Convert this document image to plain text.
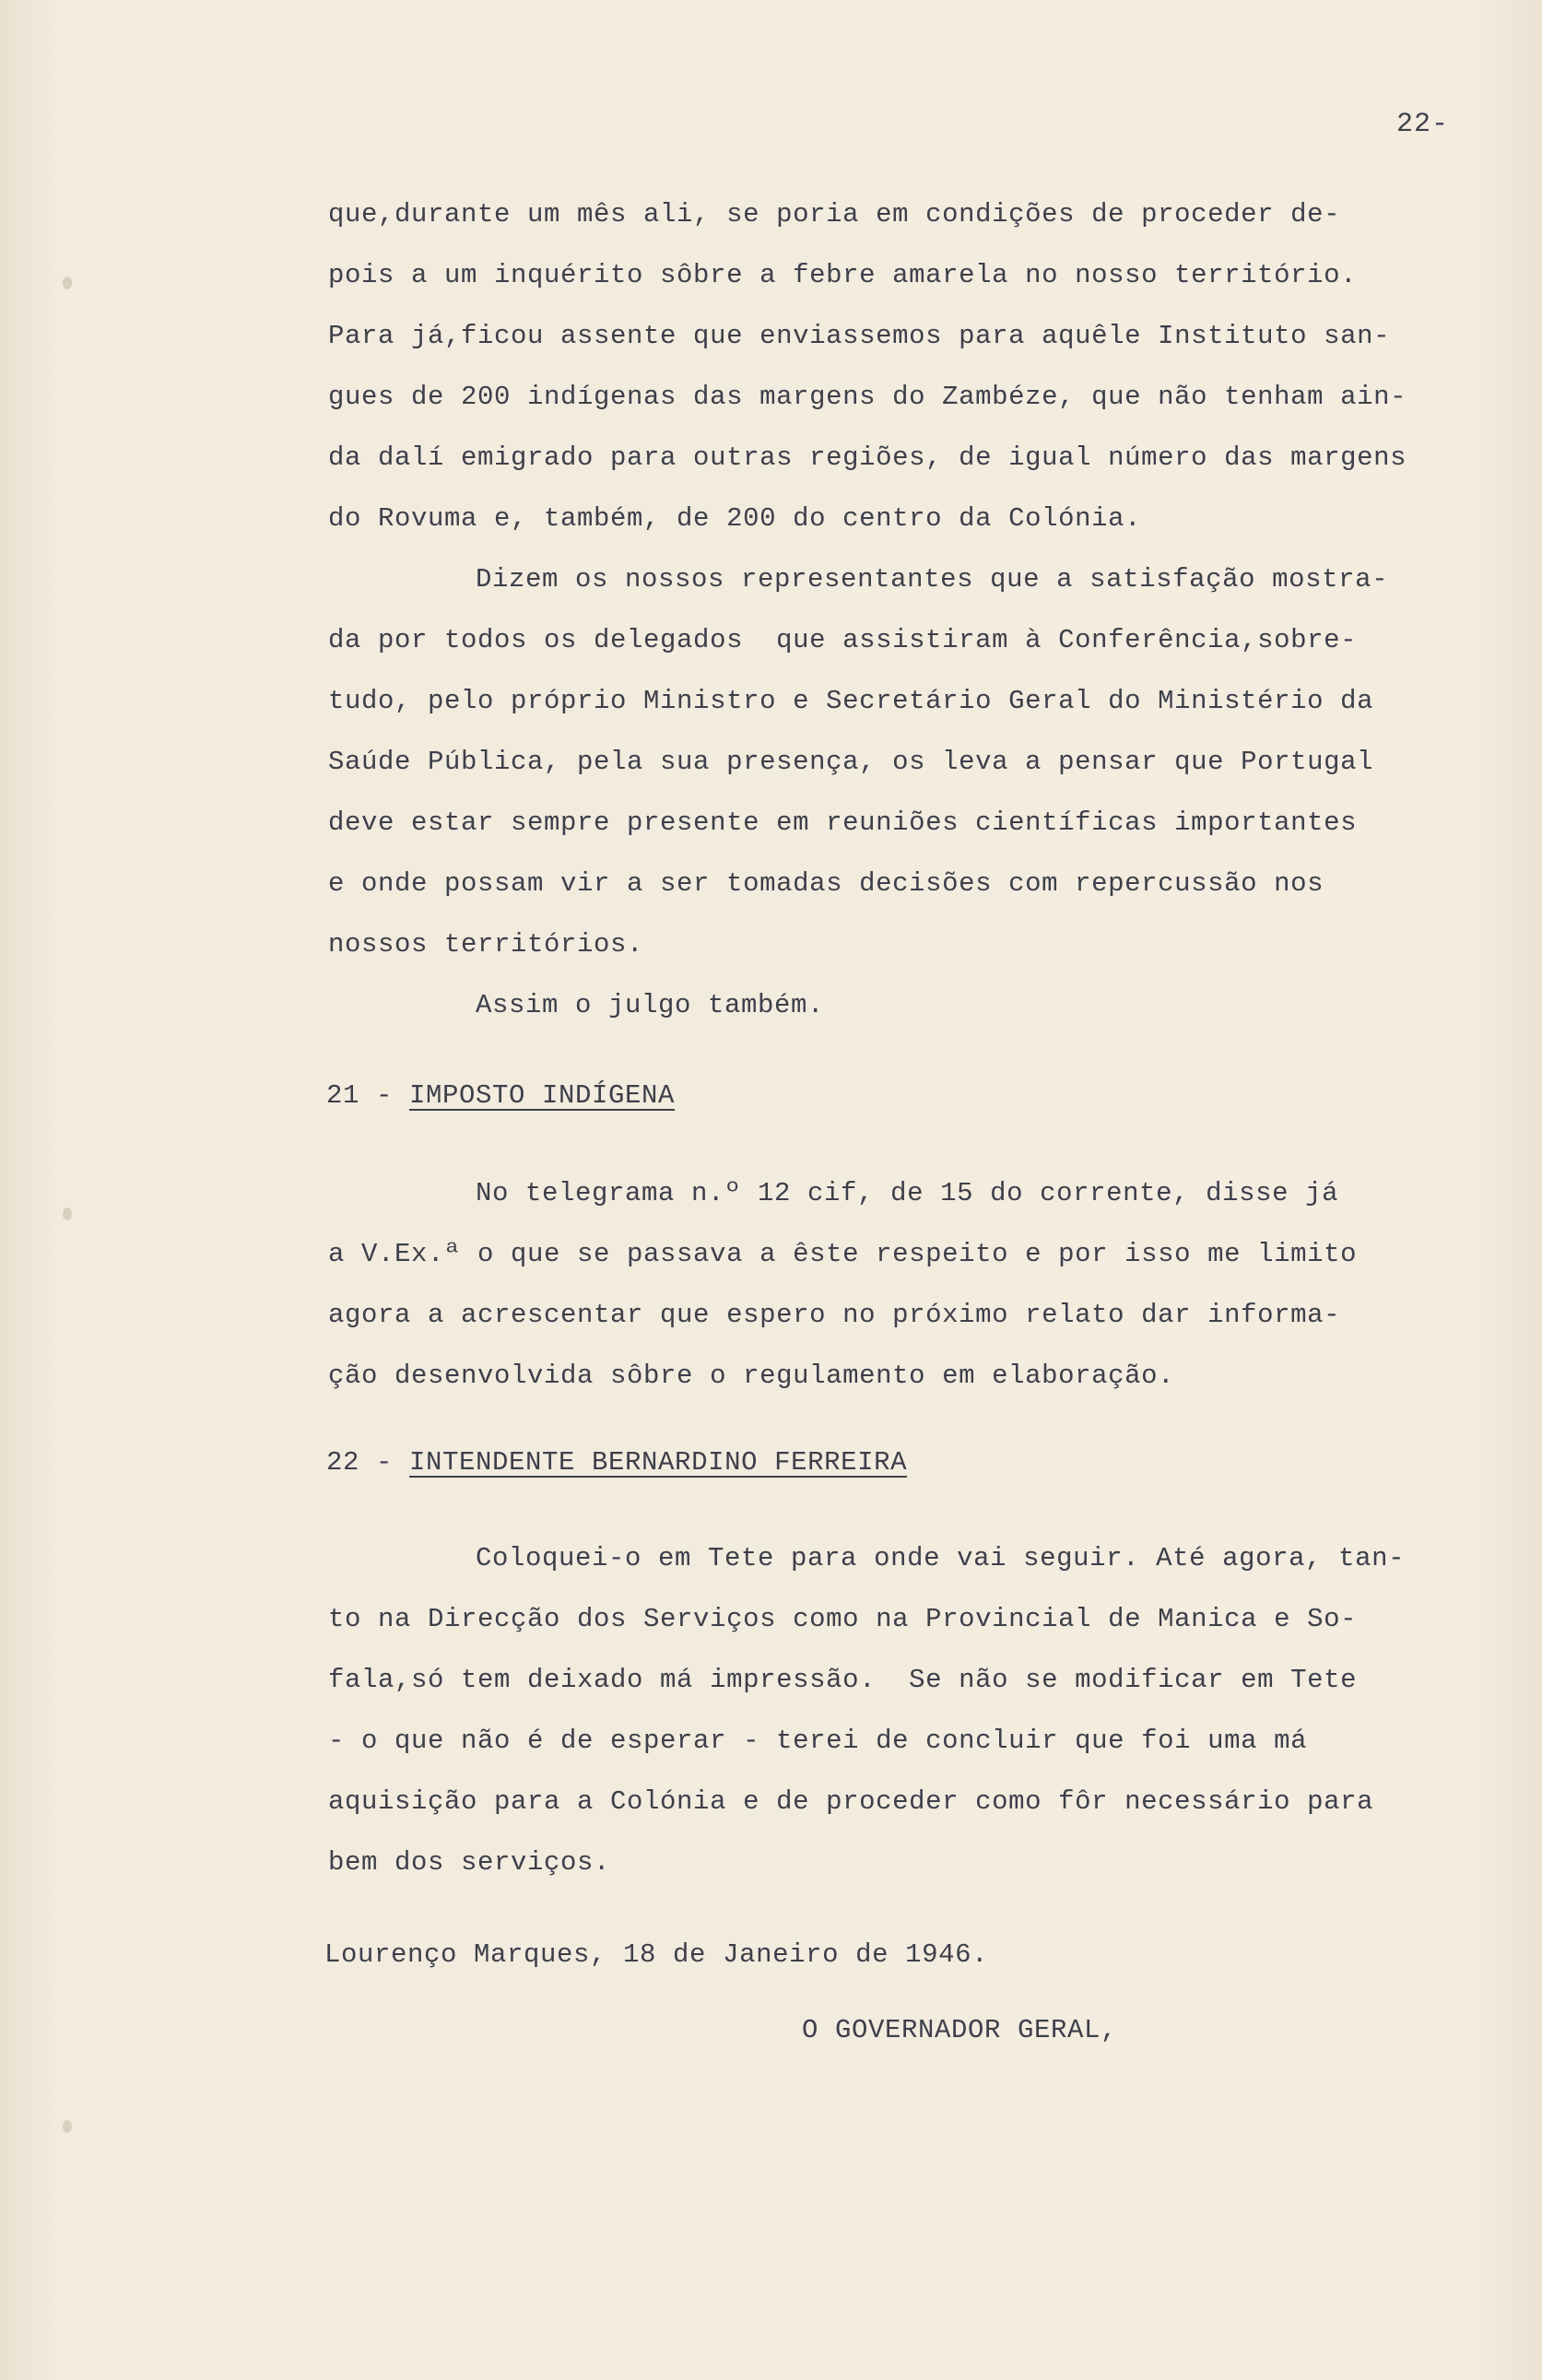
22-
que,durante um mês ali, se poria em condições de proceder de-
pois a um inquérito sôbre a febre amarela no nosso território.
Para já,ficou assente que enviassemos para aquêle Instituto san-
gues de 200 indígenas das margens do Zambéze, que não tenham ain-
da dalí emigrado para outras regiões, de igual número das margens
do Rovuma e, também, de 200 do centro da Colónia.
Dizem os nossos representantes que a satisfação mostra-
da por todos os delegados  que assistiram à Conferência,sobre-
tudo, pelo próprio Ministro e Secretário Geral do Ministério da
Saúde Pública, pela sua presença, os leva a pensar que Portugal
deve estar sempre presente em reuniões científicas importantes
e onde possam vir a ser tomadas decisões com repercussão nos
nossos territórios.
Assim o julgo também.
21 - IMPOSTO INDÍGENA
No telegrama n.º 12 cif, de 15 do corrente, disse já
a V.Ex.ª o que se passava a êste respeito e por isso me limito
agora a acrescentar que espero no próximo relato dar informa-
ção desenvolvida sôbre o regulamento em elaboração.
22 - INTENDENTE BERNARDINO FERREIRA
Coloquei-o em Tete para onde vai seguir. Até agora, tan-
to na Direcção dos Serviços como na Provincial de Manica e So-
fala,só tem deixado má impressão.  Se não se modificar em Tete
- o que não é de esperar - terei de concluir que foi uma má
aquisição para a Colónia e de proceder como fôr necessário para
bem dos serviços.
Lourenço Marques, 18 de Janeiro de 1946.
O GOVERNADOR GERAL,
